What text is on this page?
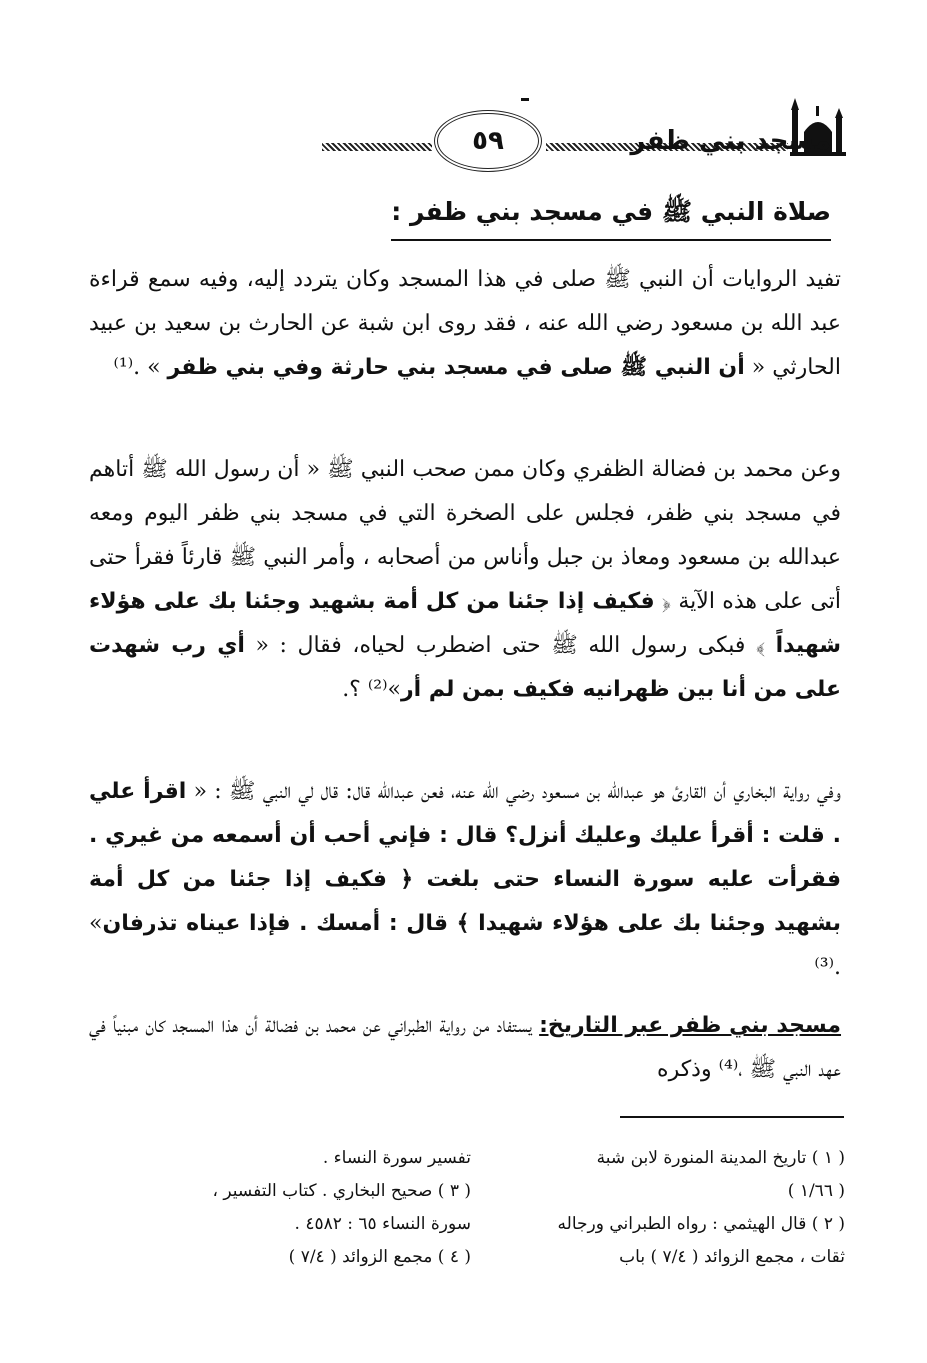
٥٩	مسجد بني ظفر
صلاة النبي ﷺ في مسجد بني ظفر :
تفيد الروايات أن النبي ﷺ صلى في هذا المسجد وكان يتردد إليه، وفيه سمع قراءة عبد الله بن مسعود رضي الله عنه ، فقد روى ابن شبة عن الحارث بن سعيد بن عبيد الحارثي « أن النبي ﷺ صلى في مسجد بني حارثة وفي بني ظفر » .⁽¹⁾
وعن محمد بن فضالة الظفري وكان ممن صحب النبي ﷺ « أن رسول الله ﷺ أتاهم في مسجد بني ظفر، فجلس على الصخرة التي في مسجد بني ظفر اليوم ومعه عبدالله بن مسعود ومعاذ بن جبل وأناس من أصحابه ، وأمر النبي ﷺ قارئاً فقرأ حتى أتى على هذه الآية ﴿ فكيف إذا جئنا من كل أمة بشهيد وجئنا بك على هؤلاء شهيداً ﴾ فبكى رسول الله ﷺ حتى اضطرب لحياه، فقال : « أي رب شهدت على من أنا بين ظهرانيه فكيف بمن لم أر»⁽²⁾ ؟.
وفي رواية البخاري أن القارئ هو عبدالله بن مسعود رضي الله عنه، فعن عبدالله قال: قال لي النبي ﷺ : « اقرأ علي . قلت : أقرأ عليك وعليك أنزل؟ قال : فإني أحب أن أسمعه من غيري . فقرأت عليه سورة النساء حتى بلغت ﴿ فكيف إذا جئنا من كل أمة بشهيد وجئنا بك على هؤلاء شهيدا ﴾ قال : أمسك . فإذا عيناه تذرفان» .⁽³⁾
مسجد بني ظفر عبر التاريخ: يستفاد من رواية الطبراني عن محمد بن فضالة أن هذا المسجد كان مبنياً في عهد النبي ﷺ ،⁽⁴⁾ وذكره
( ١ ) تاريخ المدينة المنورة لابن شبة
( ١/٦٦ )
( ٢ ) قال الهيثمي : رواه الطبراني ورجاله
ثقات ، مجمع الزوائد ( ٧/٤ ) باب
تفسير سورة النساء .
( ٣ ) صحيح البخاري . كتاب التفسير ،
سورة النساء ٦٥ : ٤٥٨٢ .
( ٤ ) مجمع الزوائد ( ٧/٤ )
